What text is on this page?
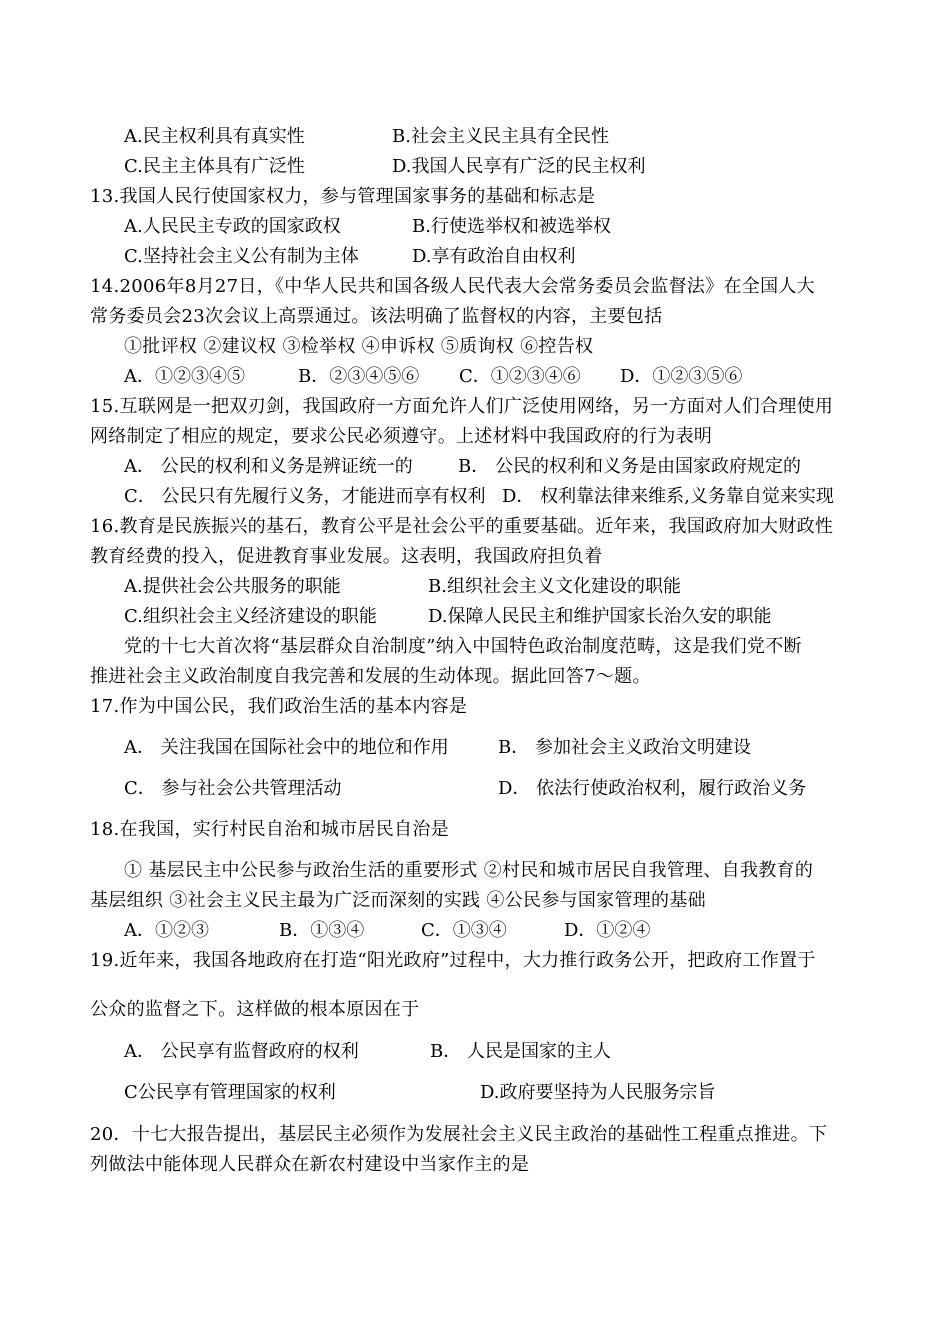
A.民主权利具有真实性	B.社会主义民主具有全民性
C.民主主体具有广泛性	D.我国人民享有广泛的民主权利
13.我国人民行使国家权力，参与管理国家事务的基础和标志是
A.人民民主专政的国家政权	B.行使选举权和被选举权
C.坚持社会主义公有制为主体	D.享有政治自由权利
14.2006年8月27日，《中华人民共和国各级人民代表大会常务委员会监督法》在全国人大
常务委员会23次会议上高票通过。该法明确了监督权的内容，主要包括
①批评权 ②建议权 ③检举权 ④申诉权 ⑤质询权 ⑥控告权
A．①②③④⑤	B．②③④⑤⑥ C．①②③④⑥ D．①②③⑤⑥
15.互联网是一把双刃剑，我国政府一方面允许人们广泛使用网络，另一方面对人们合理使用
网络制定了相应的规定，要求公民必须遵守。上述材料中我国政府的行为表明
A． 公民的权利和义务是辨证统一的	B． 公民的权利和义务是由国家政府规定的
C． 公民只有先履行义务，才能进而享有权利 D． 权利靠法律来维系,义务靠自觉来实现
16.教育是民族振兴的基石，教育公平是社会公平的重要基础。近年来，我国政府加大财政性
教育经费的投入，促进教育事业发展。这表明，我国政府担负着
A.提供社会公共服务的职能	B.组织社会主义文化建设的职能
C.组织社会主义经济建设的职能	D.保障人民民主和维护国家长治久安的职能
党的十七大首次将“基层群众自治制度”纳入中国特色政治制度范畴，这是我们党不断
推进社会主义政治制度自我完善和发展的生动体现。据此回答7～题。
17.作为中国公民，我们政治生活的基本内容是
A． 关注我国在国际社会中的地位和作用	B． 参加社会主义政治文明建设
C． 参与社会公共管理活动	D． 依法行使政治权利，履行政治义务
18.在我国，实行村民自治和城市居民自治是
① 基层民主中公民参与政治生活的重要形式 ②村民和城市居民自我管理、自我教育的
基层组织 ③社会主义民主最为广泛而深刻的实践 ④公民参与国家管理的基础
A．①②③	B．①③④	C．①③④	D．①②④
19.近年来，我国各地政府在打造“阳光政府”过程中，大力推行政务公开，把政府工作置于
公众的监督之下。这样做的根本原因在于
A． 公民享有监督政府的权利	B． 人民是国家的主人
C公民享有管理国家的权利	D.政府要坚持为人民服务宗旨
20．十七大报告提出，基层民主必须作为发展社会主义民主政治的基础性工程重点推进。下
列做法中能体现人民群众在新农村建设中当家作主的是
